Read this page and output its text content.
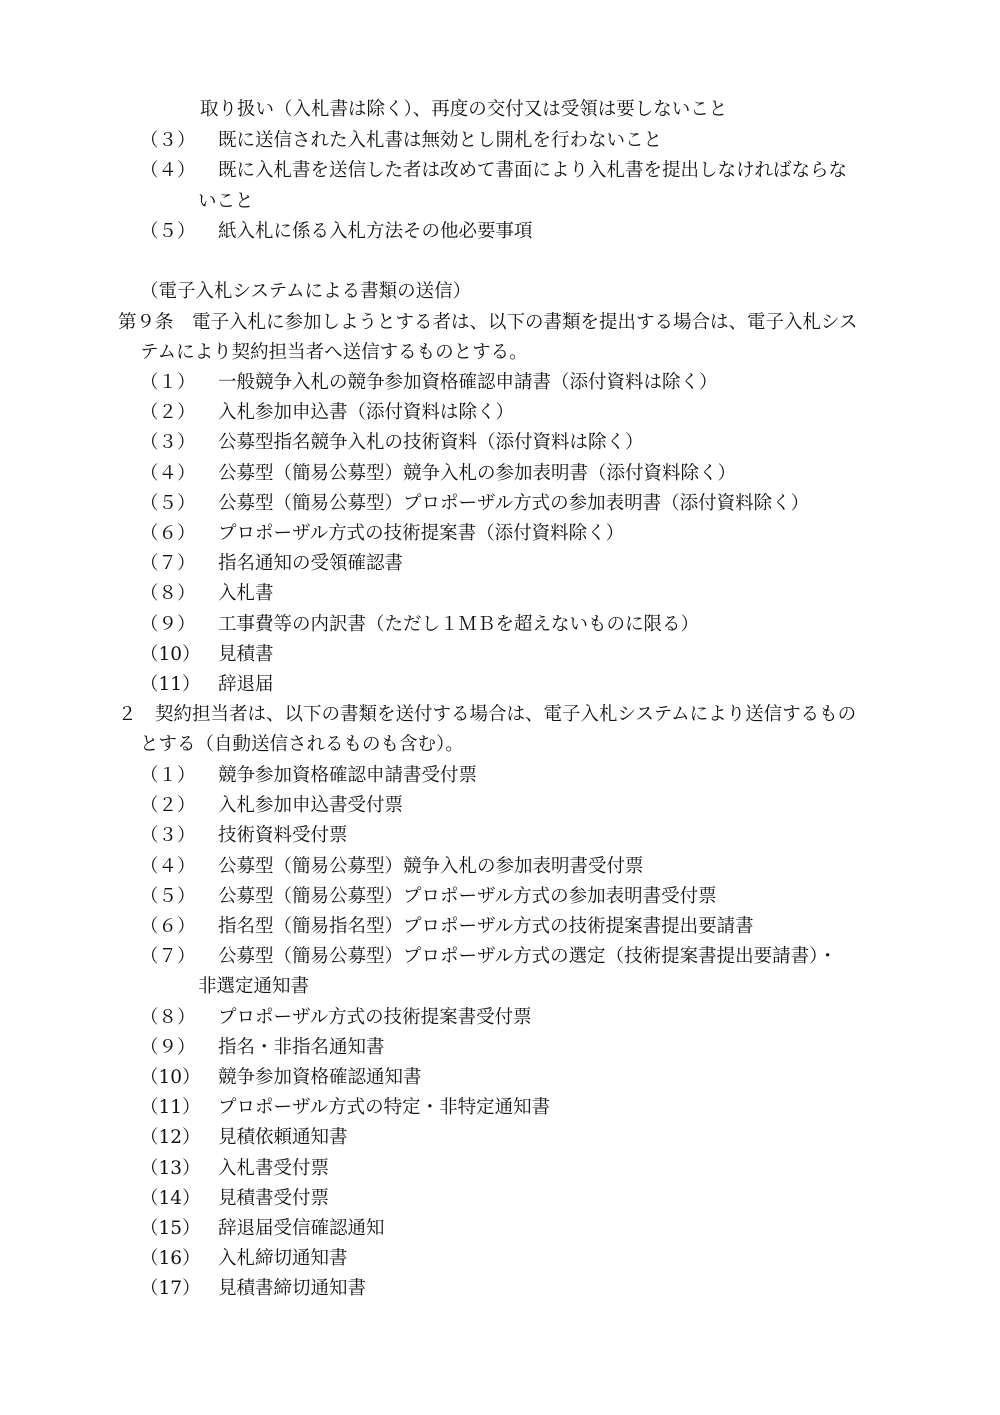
取り扱い（入札書は除く）、再度の交付又は受領は要しないこと
（３） 既に送信された入札書は無効とし開札を行わないこと
（４） 既に入札書を送信した者は改めて書面により入札書を提出しなければならな
いこと
（５） 紙入札に係る入札方法その他必要事項
（電子入札システムによる書類の送信）
第９条　電子入札に参加しようとする者は、以下の書類を提出する場合は、電子入札シス
テムにより契約担当者へ送信するものとする。
（１） 一般競争入札の競争参加資格確認申請書（添付資料は除く）
（２） 入札参加申込書（添付資料は除く）
（３） 公募型指名競争入札の技術資料（添付資料は除く）
（４） 公募型（簡易公募型）競争入札の参加表明書（添付資料除く）
（５） 公募型（簡易公募型）プロポーザル方式の参加表明書（添付資料除く）
（６） プロポーザル方式の技術提案書（添付資料除く）
（７） 指名通知の受領確認書
（８） 入札書
（９） 工事費等の内訳書（ただし１ＭＢを超えないものに限る）
（10） 見積書
（11） 辞退届
２　契約担当者は、以下の書類を送付する場合は、電子入札システムにより送信するもの
とする（自動送信されるものも含む）。
（１） 競争参加資格確認申請書受付票
（２） 入札参加申込書受付票
（３） 技術資料受付票
（４） 公募型（簡易公募型）競争入札の参加表明書受付票
（５） 公募型（簡易公募型）プロポーザル方式の参加表明書受付票
（６） 指名型（簡易指名型）プロポーザル方式の技術提案書提出要請書
（７） 公募型（簡易公募型）プロポーザル方式の選定（技術提案書提出要請書）・
非選定通知書
（８） プロポーザル方式の技術提案書受付票
（９） 指名・非指名通知書
（10） 競争参加資格確認通知書
（11） プロポーザル方式の特定・非特定通知書
（12） 見積依頼通知書
（13） 入札書受付票
（14） 見積書受付票
（15） 辞退届受信確認通知
（16） 入札締切通知書
（17） 見積書締切通知書
